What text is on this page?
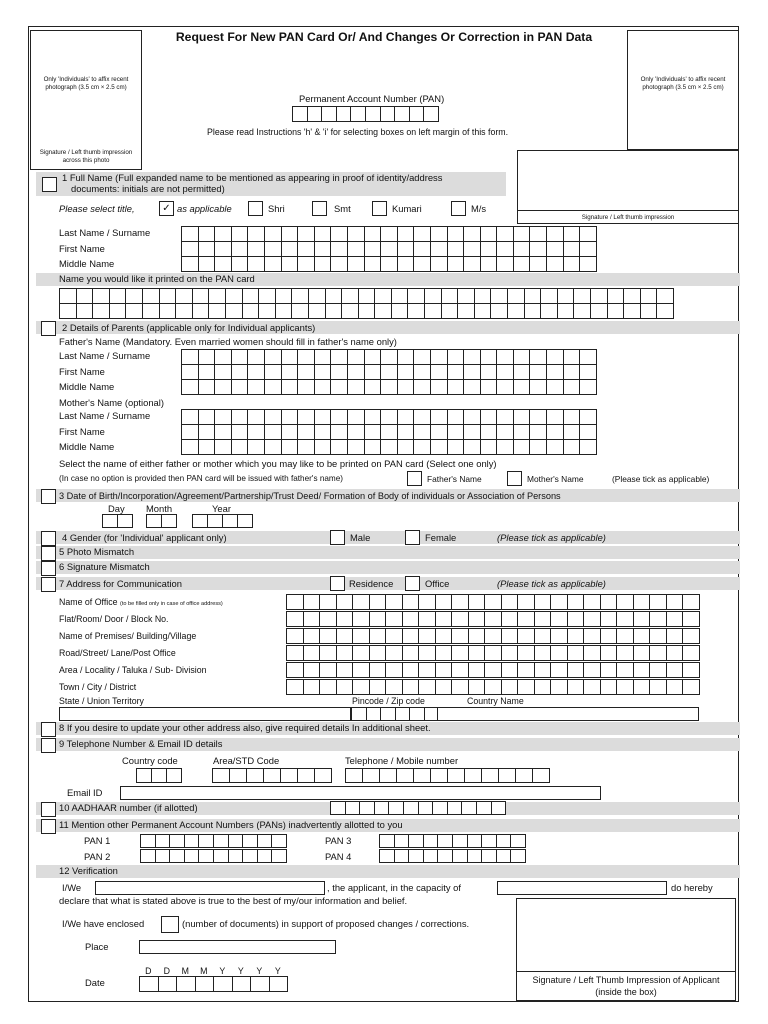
Only 'Individuals' to affix recent photograph (3.5 cm × 2.5 cm)
Signature / Left thumb impression across this photo
Request For New PAN Card Or/ And Changes Or Correction in PAN Data
Only 'Individuals' to affix recent photograph (3.5 cm × 2.5 cm)
Permanent Account Number (PAN)
Please read Instructions 'h' & 'i' for selecting boxes on left margin of this form.
Signature / Left thumb impression
1 Full Name (Full expanded name to be mentioned as appearing in proof of identity/address
documents: initials are not permitted)
Please select title,	✓ as applicable	Shri	Smt	Kumari	M/s
Last Name / Surname
First Name
Middle Name
Name you would like it printed on the PAN card
2 Details of Parents (applicable only for Individual applicants)
Father's Name (Mandatory. Even married women should fill in father's name only)
Last Name / Surname
First Name
Middle Name
Mother's Name (optional)
Last Name / Surname
First Name
Middle Name
Select the name of either father or mother which you may like to be printed on PAN card (Select one only)
(In case no option is provided then PAN card will be issued with father's name)	Father's Name	Mother's Name	(Please tick as applicable)
3 Date of Birth/Incorporation/Agreement/Partnership/Trust Deed/ Formation of Body of individuals or Association of Persons
Day Month	Year
4 Gender (for 'Individual' applicant only)	Male	Female	(Please tick as applicable)
5 Photo Mismatch
6 Signature Mismatch
7 Address for Communication	Residence	Office	(Please tick as applicable)
Name of Office (to be filled only in case of office address)
Flat/Room/ Door / Block No.
Name of Premises/ Building/Village
Road/Street/ Lane/Post Office
Area / Locality / Taluka / Sub- Division
Town / City / District
State / Union Territory	Pincode / Zip code	Country Name
8 If you desire to update your other address also, give required details In additional sheet.
9 Telephone Number & Email ID details
Country code	Area/STD Code	Telephone / Mobile number
Email ID
10 AADHAAR number (if allotted)
11 Mention other Permanent Account Numbers (PANs) inadvertently allotted to you
PAN 1
PAN 2
PAN 3
PAN 4
12 Verification
I/We	, the applicant, in the capacity of	do hereby
declare that what is stated above is true to the best of my/our information and belief.
I/We have enclosed	(number of documents) in support of proposed changes / corrections.
Place
Date
D	D	M	M	Y	Y	Y	Y
Signature / Left Thumb Impression of Applicant (inside the box)
